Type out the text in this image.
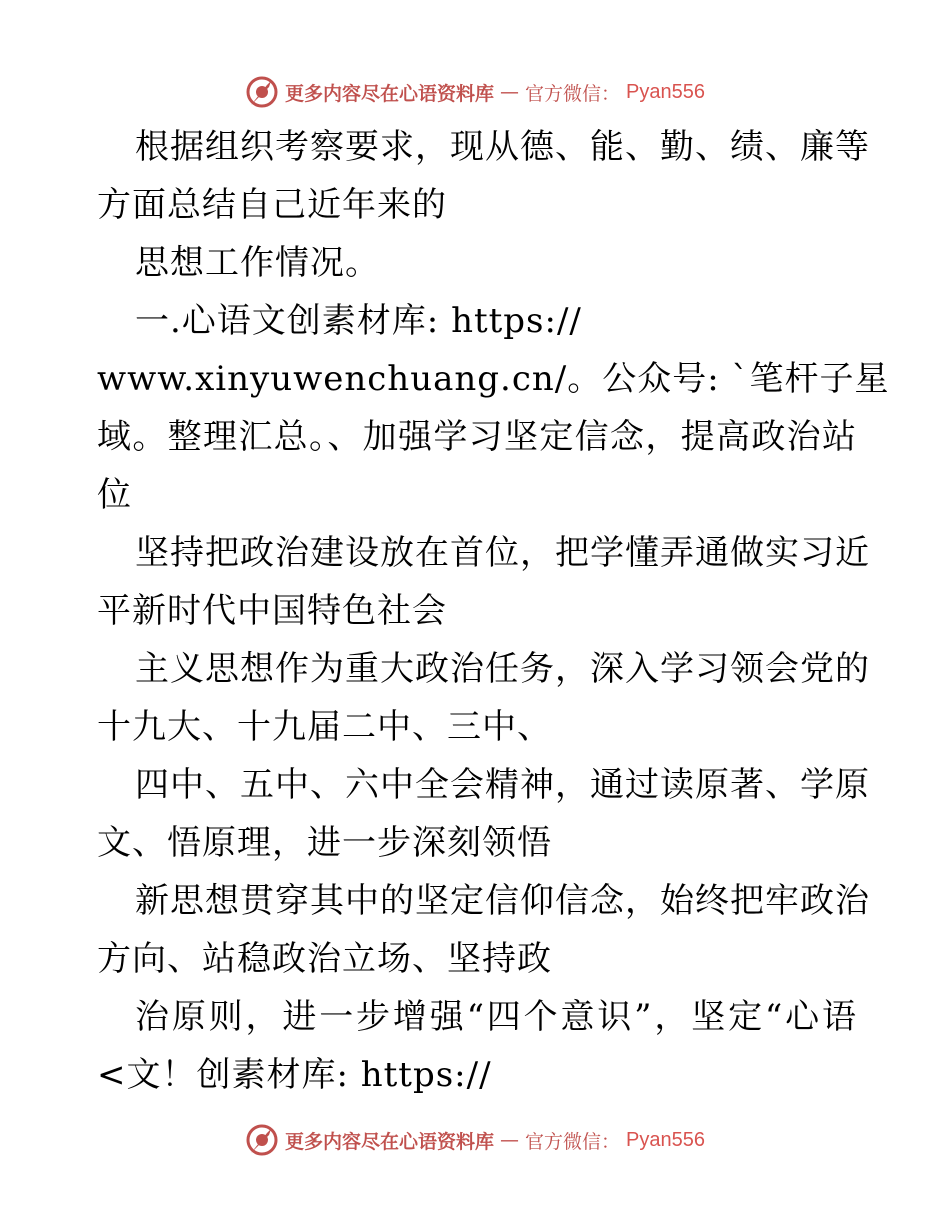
更多内容尽在心语资料库 — 官方微信： Pyan556
根据组织考察要求，现从德、能、勤、绩、廉等
方面总结自己近年来的
思想工作情况。
一.心语文创素材库: https://
www.xinyuwenchuang.cn/。公众号: `笔杆子星
域。整理汇总。、加强学习坚定信念，提高政治站
位
坚持把政治建设放在首位，把学懂弄通做实习近
平新时代中国特色社会
主义思想作为重大政治任务，深入学习领会党的
十九大、十九届二中、三中、
四中、五中、六中全会精神，通过读原著、学原
文、悟原理，进一步深刻领悟
新思想贯穿其中的坚定信仰信念，始终把牢政治
方向、站稳政治立场、坚持政
治原则，进一步增强“四个意识”，坚定“心语
<文！创素材库: https://
更多内容尽在心语资料库 — 官方微信： Pyan556
